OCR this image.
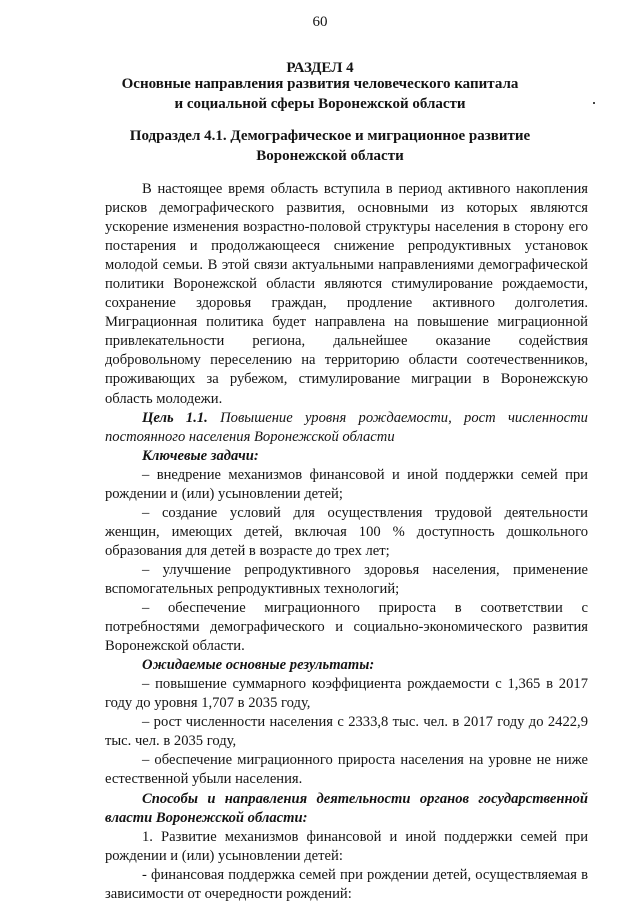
60
РАЗДЕЛ 4
Основные направления развития человеческого капитала
и социальной сферы Воронежской области
Подраздел 4.1. Демографическое и миграционное развитие
Воронежской области

В настоящее время область вступила в период активного накопления рисков демографического развития, основными из которых являются ускорение изменения возрастно-половой структуры населения в сторону его постарения и продолжающееся снижение репродуктивных установок молодой семьи. В этой связи актуальными направлениями демографической политики Воронежской области являются стимулирование рождаемости, сохранение здоровья граждан, продление активного долголетия. Миграционная политика будет направлена на повышение миграционной привлекательности региона, дальнейшее оказание содействия добровольному переселению на территорию области соотечественников, проживающих за рубежом, стимулирование миграции в Воронежскую область молодежи.

Цель 1.1. Повышение уровня рождаемости, рост численности постоянного населения Воронежской области

Ключевые задачи:

– внедрение механизмов финансовой и иной поддержки семей при рождении и (или) усыновлении детей;

– создание условий для осуществления трудовой деятельности женщин, имеющих детей, включая 100 % доступность дошкольного образования для детей в возрасте до трех лет;

– улучшение репродуктивного здоровья населения, применение вспомогательных репродуктивных технологий;

– обеспечение миграционного прироста в соответствии с потребностями демографического и социально-экономического развития Воронежской области.

Ожидаемые основные результаты:

– повышение суммарного коэффициента рождаемости с 1,365 в 2017 году до уровня 1,707 в 2035 году,

– рост численности населения с 2333,8 тыс. чел. в 2017 году до 2422,9 тыс. чел. в 2035 году,

– обеспечение миграционного прироста населения на уровне не ниже естественной убыли населения.

Способы и направления деятельности органов государственной власти Воронежской области:

1. Развитие механизмов финансовой и иной поддержки семей при рождении и (или) усыновлении детей:

- финансовая поддержка семей при рождении детей, осуществляемая в зависимости от очередности рождений:
